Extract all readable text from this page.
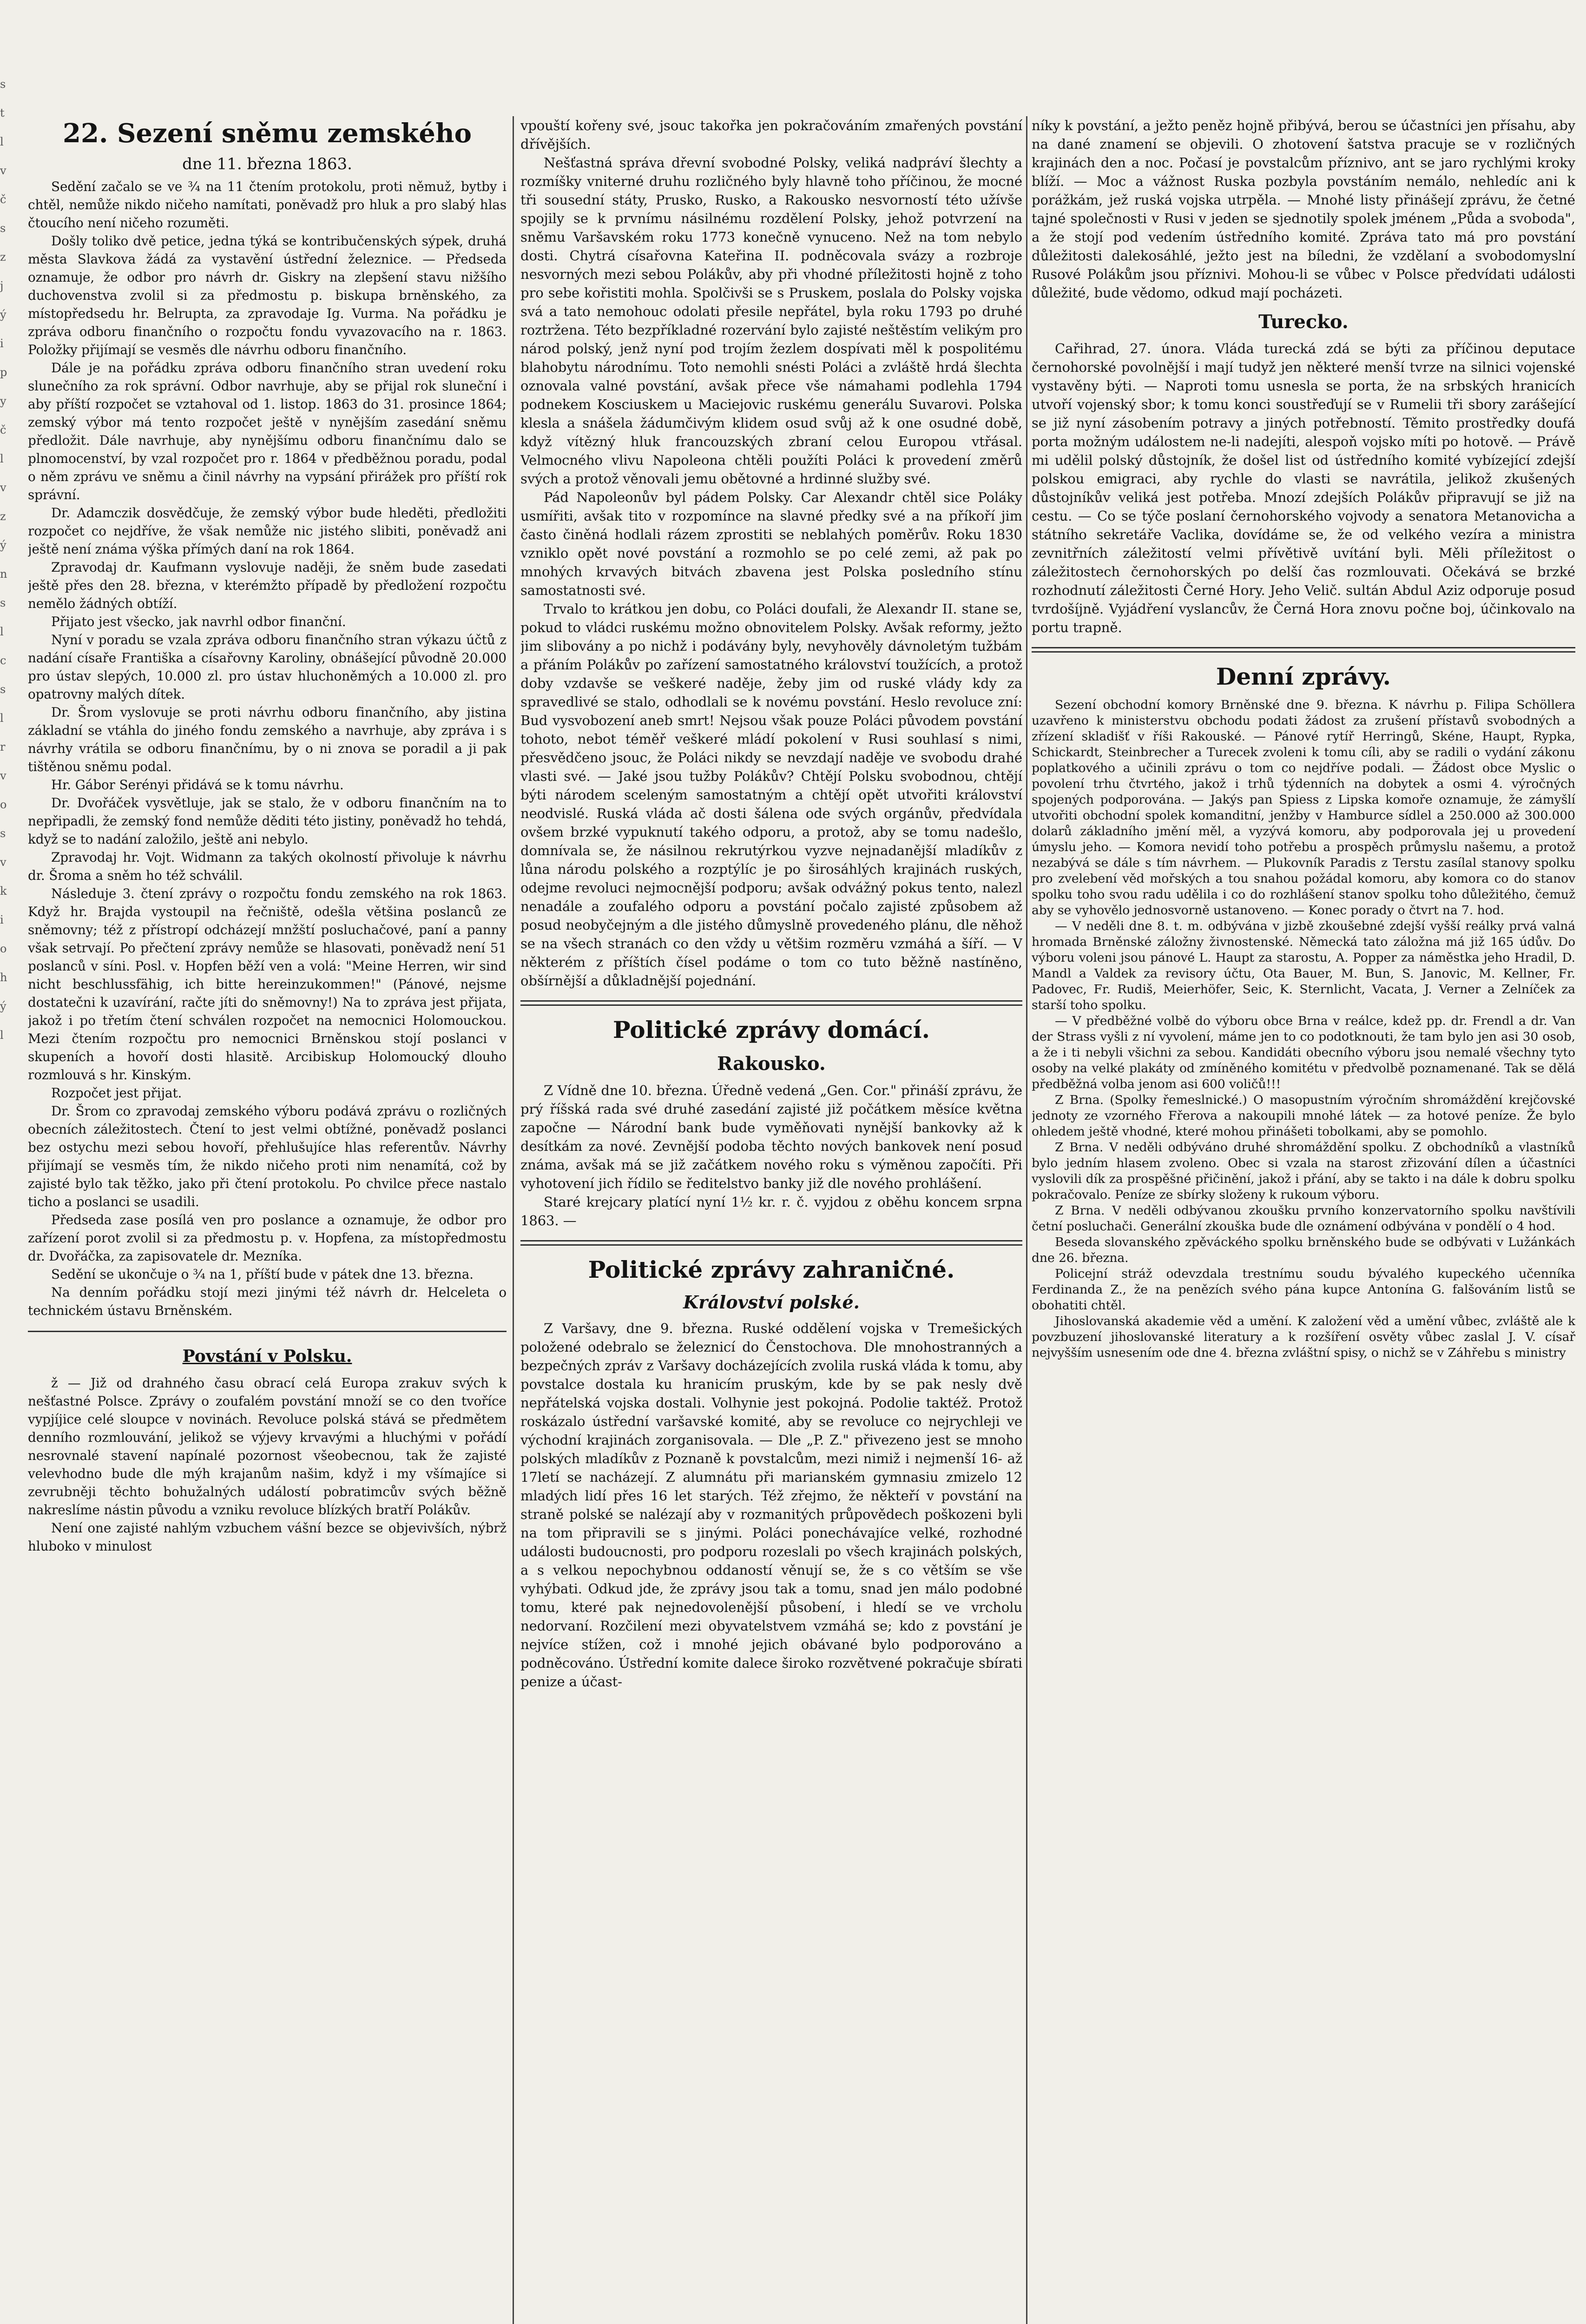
s
t
l
v
č
s
z
j
ý
i
p
y
č
l
v
z
ý
n
s
l
c
s
l
r
v
o
s
v
k
i
o
h
ý
l
22. Sezení sněmu zemského
dne 11. března 1863.

Sedění začalo se ve ¾ na 11 čtením protokolu, proti němuž, bytby i chtěl, nemůže nikdo ničeho namítati, poněvadž pro hluk a pro slabý hlas čtoucího není ničeho rozuměti.

Došly toliko dvě petice, jedna týká se kontribučenských sýpek, druhá města Slavkova žádá za vystavění ústřední železnice. — Předseda oznamuje, že odbor pro návrh dr. Giskry na zlepšení stavu nižšího duchovenstva zvolil si za předmostu p. biskupa brněnského, za místopředsedu hr. Belrupta, za zpravodaje Ig. Vurma. Na pořádku je zpráva odboru finančního o rozpočtu fondu vyvazovacího na r. 1863. Položky přijímají se vesměs dle návrhu odboru finančního.

Dále je na pořádku zpráva odboru finančního stran uvedení roku slunečního za rok správní. Odbor navrhuje, aby se přijal rok sluneční i aby příští rozpočet se vztahoval od 1. listop. 1863 do 31. prosince 1864; zemský výbor má tento rozpočet ještě v nynějším zasedání sněmu předložit. Dále navrhuje, aby nynějšímu odboru finančnímu dalo se plnomocenství, by vzal rozpočet pro r. 1864 v předběžnou poradu, podal o něm zprávu ve sněmu a činil návrhy na vypsání přirážek pro příští rok správní.

Dr. Adamczik dosvědčuje, že zemský výbor bude hleděti, předložiti rozpočet co nejdříve, že však nemůže nic jistého slibiti, poněvadž ani ještě není známa výška přímých daní na rok 1864.

Zpravodaj dr. Kaufmann vyslovuje naději, že sněm bude zasedati ještě přes den 28. března, v kterémžto případě by předložení rozpočtu nemělo žádných obtíží.

Přijato jest všecko, jak navrhl odbor finanční.

Nyní v poradu se vzala zpráva odboru finančního stran výkazu účtů z nadání císaře Františka a císařovny Karoliny, obnášející původně 20.000 pro ústav slepých, 10.000 zl. pro ústav hluchoněmých a 10.000 zl. pro opatrovny malých dítek.

Dr. Šrom vyslovuje se proti návrhu odboru finančního, aby jistina základní se vtáhla do jiného fondu zemského a navrhuje, aby zpráva i s návrhy vrátila se odboru finančnímu, by o ni znova se poradil a ji pak tištěnou sněmu podal.

Hr. Gábor Serényi přidává se k tomu návrhu.

Dr. Dvořáček vysvětluje, jak se stalo, že v odboru finančním na to nepřipadli, že zemský fond nemůže děditi této jistiny, poněvadž ho tehdá, když se to nadání založilo, ještě ani nebylo.

Zpravodaj hr. Vojt. Widmann za takých okolností přivoluje k návrhu dr. Šroma a sněm ho též schválil.

Následuje 3. čtení zprávy o rozpočtu fondu zemského na rok 1863. Když hr. Brajda vystoupil na řečniště, odešla většina poslanců ze sněmovny; též z přístropí odcházejí mnžští posluchačové, paní a panny však setrvají. Po přečtení zprávy nemůže se hlasovati, poněvadž není 51 poslanců v síni. Posl. v. Hopfen běží ven a volá: "Meine Herren, wir sind nicht beschlussfähig, ich bitte hereinzukommen!" (Pánové, nejsme dostatečni k uzavírání, račte jíti do sněmovny!) Na to zpráva jest přijata, jakož i po třetím čtení schválen rozpočet na nemocnici Holomouckou. Mezi čtením rozpočtu pro nemocnici Brněnskou stojí poslanci v skupeních a hovoří dosti hlasitě. Arcibiskup Holomoucký dlouho rozmlouvá s hr. Kinským.

Rozpočet jest přijat.

Dr. Šrom co zpravodaj zemského výboru podává zprávu o rozličných obecních záležitostech. Čtení to jest velmi obtížné, poněvadž poslanci bez ostychu mezi sebou hovoří, přehlušujíce hlas referentův. Návrhy přijímají se vesměs tím, že nikdo ničeho proti nim nenamítá, což by zajisté bylo tak těžko, jako při čtení protokolu. Po chvilce přece nastalo ticho a poslanci se usadili.

Předseda zase posílá ven pro poslance a oznamuje, že odbor pro zařízení porot zvolil si za předmostu p. v. Hopfena, za místopředmostu dr. Dvořáčka, za zapisovatele dr. Mezníka.

Sedění se ukončuje o ¾ na 1, příští bude v pátek dne 13. března.

Na denním pořádku stojí mezi jinými též návrh dr. Helceleta o technickém ústavu Brněnském.

Povstání v Polsku.

ž — Již od drahného času obrací celá Europa zrakuv svých k nešťastné Polsce. Zprávy o zoufalém povstání množí se co den tvoříce vypjíjice celé sloupce v novinách. Revoluce polská stává se předmětem denního rozmlouvání, jelikož se výjevy krvavými a hluchými v pořádí nesrovnalé stavení napínalé pozornost všeobecnou, tak že zajisté velevhodno bude dle mýh krajanům našim, když i my všímajíce si zevrubněji těchto bohužalných událostí pobratimcův svých běžně nakreslíme nástin původu a vzniku revoluce blízkých bratří Polákův.

Není one zajisté nahlým vzbuchem vášní bezce se objevivších, nýbrž hluboko v minulost

vpouští kořeny své, jsouc takořka jen pokračováním zmařených povstání dřívějších.

Nešťastná správa dřevní svobodné Polsky, veliká nadpráví šlechty a rozmíšky vniterné druhu rozličného byly hlavně toho příčinou, že mocné tři sousední státy, Prusko, Rusko, a Rakousko nesvorností této užívše spojily se k prvnímu násilnému rozdělení Polsky, jehož potvrzení na sněmu Varšavském roku 1773 konečně vynuceno. Než na tom nebylo dosti. Chytrá císařovna Kateřina II. podněcovala svázy a rozbroje nesvorných mezi sebou Polákův, aby při vhodné příležitosti hojně z toho pro sebe kořistiti mohla. Spolčivši se s Pruskem, poslala do Polsky vojska svá a tato nemohouc odolati přesile nepřátel, byla roku 1793 po druhé roztržena. Této bezpříkladné rozervání bylo zajisté neštěstím velikým pro národ polský, jenž nyní pod trojím žezlem dospívati měl k pospolitému blahobytu národnímu. Toto nemohli snésti Poláci a zvláště hrdá šlechta oznovala valné povstání, avšak přece vše námahami podlehla 1794 podnekem Kosciuskem u Maciejovic ruskému generálu Suvarovi. Polska klesla a snášela žádumčivým klidem osud svůj až k one osudné době, když vítězný hluk francouzských zbraní celou Europou vtřásal. Velmocného vlivu Napoleona chtěli použíti Poláci k provedení změrů svých a protož věnovali jemu obětovné a hrdinné služby své.

Pád Napoleonův byl pádem Polsky. Car Alexandr chtěl sice Poláky usmířiti, avšak tito v rozpomínce na slavné předky své a na příkoří jim často činěná hodlali rázem zprostiti se neblahých poměrův. Roku 1830 vzniklo opět nové povstání a rozmohlo se po celé zemi, až pak po mnohých krvavých bitvách zbavena jest Polska posledního stínu samostatnosti své.

Trvalo to krátkou jen dobu, co Poláci doufali, že Alexandr II. stane se, pokud to vládci ruskému možno obnovitelem Polsky. Avšak reformy, ježto jim slibovány a po nichž i podávány byly, nevyhověly dávnoletým tužbám a přáním Polákův po zařízení samostatného království toužících, a protož doby vzdavše se veškeré naděje, žeby jim od ruské vlády kdy za spravedlivé se stalo, odhodlali se k novému povstání. Heslo revoluce zní: Bud vysvobození aneb smrt! Nejsou však pouze Poláci původem povstání tohoto, nebot téměř veškeré mládí pokolení v Rusi souhlasí s nimi, přesvědčeno jsouc, že Poláci nikdy se nevzdají naděje ve svobodu drahé vlasti své. — Jaké jsou tužby Polákův? Chtějí Polsku svobodnou, chtějí býti národem sceleným samostatným a chtějí opět utvořiti království neodvislé. Ruská vláda ač dosti šálena ode svých orgánův, předvídala ovšem brzké vypuknutí takého odporu, a protož, aby se tomu nadešlo, domnívala se, že násilnou rekrutýrkou vyzve nejnadanější mladíkův z lůna národu polského a rozptýlíc je po širosáhlých krajinách ruských, odejme revoluci nejmocnější podporu; avšak odvážný pokus tento, nalezl nenadále a zoufalého odporu a povstání počalo zajisté způsobem až posud neobyčejným a dle jistého důmyslně provedeného plánu, dle něhož se na všech stranách co den vždy u většim rozměru vzmáhá a šíří. — V některém z příštích čísel podáme o tom co tuto běžně nastíněno, obšírnější a důkladnější pojednání.

Politické zprávy domácí.
Rakousko.

Z Vídně dne 10. března. Úředně vedená „Gen. Cor." přináší zprávu, že prý říšská rada své druhé zasedání zajisté již počátkem měsíce května započne — Národní bank bude vyměňovati nynější bankovky až k desítkám za nové. Zevnější podoba těchto nových bankovek není posud známa, avšak má se již začátkem nového roku s výměnou započíti. Při vyhotovení jich řídilo se ředitelstvo banky již dle nového prohlášení.

Staré krejcary platící nyní 1½ kr. r. č. vyjdou z oběhu koncem srpna 1863. —

Politické zprávy zahraničné.
Království polské.

Z Varšavy, dne 9. března. Ruské oddělení vojska v Tremešických položené odebralo se železnicí do Čenstochova. Dle mnohostranných a bezpečných zpráv z Varšavy docházejících zvolila ruská vláda k tomu, aby povstalce dostala ku hranicím pruským, kde by se pak nesly dvě nepřátelská vojska dostali. Volhynie jest pokojná. Podolie taktéž. Protož roskázalo ústřední varšavské komité, aby se revoluce co nejrychleji ve východní krajinách zorganisovala. — Dle „P. Z." přivezeno jest se mnoho polských mladíkův z Poznaně k povstalcům, mezi nimiž i nejmenší 16- až 17letí se nacházejí. Z alumnátu při marianském gymnasiu zmizelo 12 mladých lidí přes 16 let starých. Též zřejmo, že někteří v povstání na straně polské se nalézají aby v rozmanitých průpovědech poškozeni byli na tom připravili se s jinými. Poláci ponechávajíce velké, rozhodné události budoucnosti, pro podporu rozeslali po všech krajinách polských, a s velkou nepochybnou oddaností věnují se, že s co větším se vše vyhýbati. Odkud jde, že zprávy jsou tak a tomu, snad jen málo podobné tomu, které pak nejnedovolenější působení, i hledí se ve vrcholu nedorvaní. Rozčilení mezi obyvatelstvem vzmáhá se; kdo z povstání je nejvíce stížen, což i mnohé jejich obávané bylo podporováno a podněcováno. Ústřední komite dalece široko rozvětvené pokračuje sbírati penize a účast-

níky k povstání, a ježto peněz hojně přibývá, berou se účastníci jen přísahu, aby na dané znamení se objevili. O zhotovení šatstva pracuje se v rozličných krajinách den a noc. Počasí je povstalcům příznivo, ant se jaro rychlými kroky blíží. — Moc a vážnost Ruska pozbyla povstáním nemálo, nehledíc ani k porážkám, jež ruská vojska utrpěla. — Mnohé listy přinášejí zprávu, že četné tajné společnosti v Rusi v jeden se sjednotily spolek jménem „Půda a svoboda", a že stojí pod vedením ústředního komité. Zpráva tato má pro povstání důležitosti dalekosáhlé, ježto jest na bíledni, že vzdělaní a svobodomyslní Rusové Polákům jsou příznivi. Mohou-li se vůbec v Polsce předvídati události důležité, bude vědomo, odkud mají pocházeti.

Turecko.

Cařihrad, 27. února. Vláda turecká zdá se býti za příčinou deputace černohorské povolnější i mají tudyž jen některé menší tvrze na silnici vojenské vystavěny býti. — Naproti tomu usnesla se porta, že na srbských hranicích utvoří vojenský sbor; k tomu konci soustřeďují se v Rumelii tři sbory zarášející se již nyní zásobením potravy a jiných potřebností. Těmito prostředky doufá porta možným událostem ne-li nadejíti, alespoň vojsko míti po hotově. — Právě mi udělil polský důstojník, že došel list od ústředního komité vybízející zdejší polskou emigraci, aby rychle do vlasti se navrátila, jelikož zkušených důstojníkův veliká jest potřeba. Mnozí zdejších Polákův připravují se již na cestu. — Co se týče poslaní černohorského vojvody a senatora Metanovicha a státního sekretáře Vaclika, dovídáme se, že od velkého vezíra a ministra zevnitřních záležitostí velmi přívětivě uvítání byli. Měli příležitost o záležitostech černohorských po delší čas rozmlouvati. Očekává se brzké rozhodnutí záležitosti Černé Hory. Jeho Velič. sultán Abdul Aziz odporuje posud tvrdošíjně. Vyjádření vyslancův, že Černá Hora znovu počne boj, účinkovalo na portu trapně.

Denní zprávy.

Sezení obchodní komory Brněnské dne 9. března. K návrhu p. Filipa Schöllera uzavřeno k ministerstvu obchodu podati žádost za zrušení přístavů svobodných a zřízení skladišť v říši Rakouské. — Pánové rytíř Herringů, Skéne, Haupt, Rypka, Schickardt, Steinbrecher a Turecek zvoleni k tomu cíli, aby se radili o vydání zákonu poplatkového a učinili zprávu o tom co nejdříve podali. — Žádost obce Myslic o povolení trhu čtvrtého, jakož i trhů týdenních na dobytek a osmi 4. výročných spojených podporována. — Jakýs pan Spiess z Lipska komoře oznamuje, že zámyšlí utvořiti obchodní spolek komanditní, jenžby v Hamburce sídlel a 250.000 až 300.000 dolarů základního jmění měl, a vyzývá komoru, aby podporovala jej u provedení úmyslu jeho. — Komora nevidí toho potřebu a prospěch průmyslu našemu, a protož nezabývá se dále s tím návrhem. — Plukovník Paradis z Terstu zasílal stanovy spolku pro zvelebení věd mořských a tou snahou požádal komoru, aby komora co do stanov spolku toho svou radu udělila i co do rozhlášení stanov spolku toho důležitého, čemuž aby se vyhovělo jednosvorně ustanoveno. — Konec porady o čtvrt na 7. hod.

— V neděli dne 8. t. m. odbývána v jizbě zkoušebné zdejší vyšší reálky prvá valná hromada Brněnské záložny živnostenské. Německá tato záložna má již 165 údův. Do výboru voleni jsou pánové L. Haupt za starostu, A. Popper za náměstka jeho Hradil, D. Mandl a Valdek za revisory účtu, Ota Bauer, M. Bun, S. Janovic, M. Kellner, Fr. Padovec, Fr. Rudiš, Meierhöfer, Seic, K. Sternlicht, Vacata, J. Verner a Zelníček za starší toho spolku.

— V předběžné volbě do výboru obce Brna v reálce, kdež pp. dr. Frendl a dr. Van der Strass vyšli z ní vyvolení, máme jen to co podotknouti, že tam bylo jen asi 30 osob, a že i ti nebyli všichni za sebou. Kandidáti obecního výboru jsou nemalé všechny tyto osoby na velké plakáty od zmíněného komitétu v předvolbě poznamenané. Tak se dělá předběžná volba jenom asi 600 voličů!!!

Z Brna. (Spolky řemeslnické.) O masopustním výročním shromáždění krejčovské jednoty ze vzorného Fřerova a nakoupili mnohé látek — za hotové peníze. Že bylo ohledem ještě vhodné, které mohou přinášeti tobolkami, aby se pomohlo.

Z Brna. V neděli odbýváno druhé shromáždění spolku. Z obchodníků a vlastníků bylo jedním hlasem zvoleno. Obec si vzala na starost zřizování dílen a účastníci vyslovili dík za prospěšné přičinění, jakož i přání, aby se takto i na dále k dobru spolku pokračovalo. Peníze ze sbírky složeny k rukoum výboru.

Z Brna. V neděli odbývanou zkoušku prvního konzervatorního spolku navštívili četní posluchači. Generální zkouška bude dle oznámení odbývána v pondělí o 4 hod.

Beseda slovanského zpěváckého spolku brněnského bude se odbývati v Lužánkách dne 26. března.

Policejní stráž odevzdala trestnímu soudu bývalého kupeckého učenníka Ferdinanda Z., že na penězích svého pána kupce Antonína G. falšováním listů se obohatiti chtěl.

Jihoslovanská akademie věd a umění. K založení věd a umění vůbec, zvláště ale k povzbuzení jihoslovanské literatury a k rozšíření osvěty vůbec zaslal J. V. císař nejvyšším usnesením ode dne 4. března zvláštní spisy, o nichž se v Záhřebu s ministry
